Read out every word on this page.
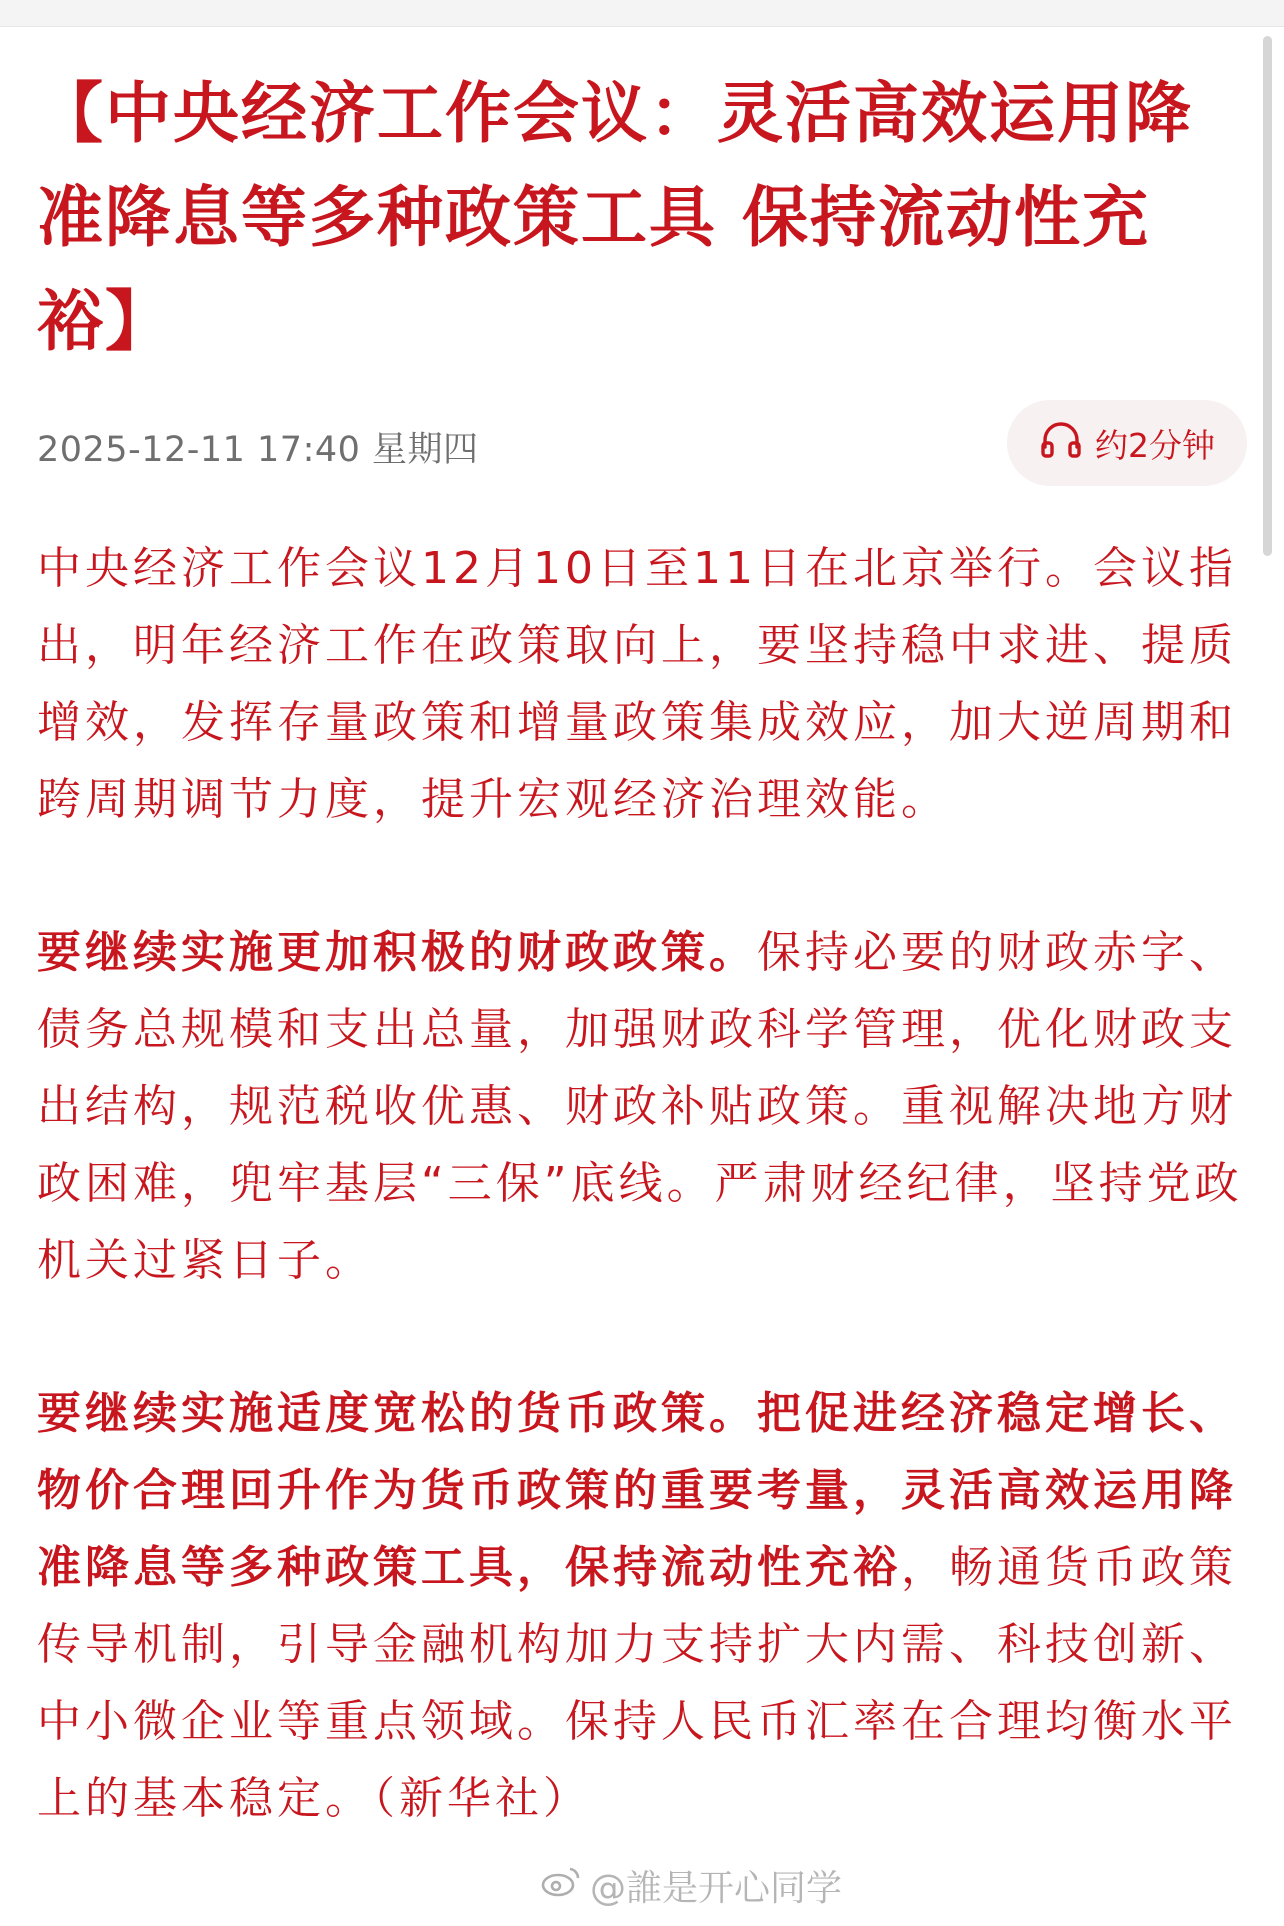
【中央经济工作会议：灵活高效运用降准降息等多种政策工具 保持流动性充裕】
2025-12-11 17:40 星期四	约2分钟

中央经济工作会议12月10日至11日在北京举行。会议指出，明年经济工作在政策取向上，要坚持稳中求进、提质增效，发挥存量政策和增量政策集成效应，加大逆周期和跨周期调节力度，提升宏观经济治理效能。

要继续实施更加积极的财政政策。保持必要的财政赤字、债务总规模和支出总量，加强财政科学管理，优化财政支出结构，规范税收优惠、财政补贴政策。重视解决地方财政困难，兜牢基层“三保”底线。严肃财经纪律，坚持党政机关过紧日子。

要继续实施适度宽松的货币政策。把促进经济稳定增长、物价合理回升作为货币政策的重要考量，灵活高效运用降准降息等多种政策工具，保持流动性充裕，畅通货币政策传导机制，引导金融机构加力支持扩大内需、科技创新、中小微企业等重点领域。保持人民币汇率在合理均衡水平上的基本稳定。（新华社）

@誰是开心同学
